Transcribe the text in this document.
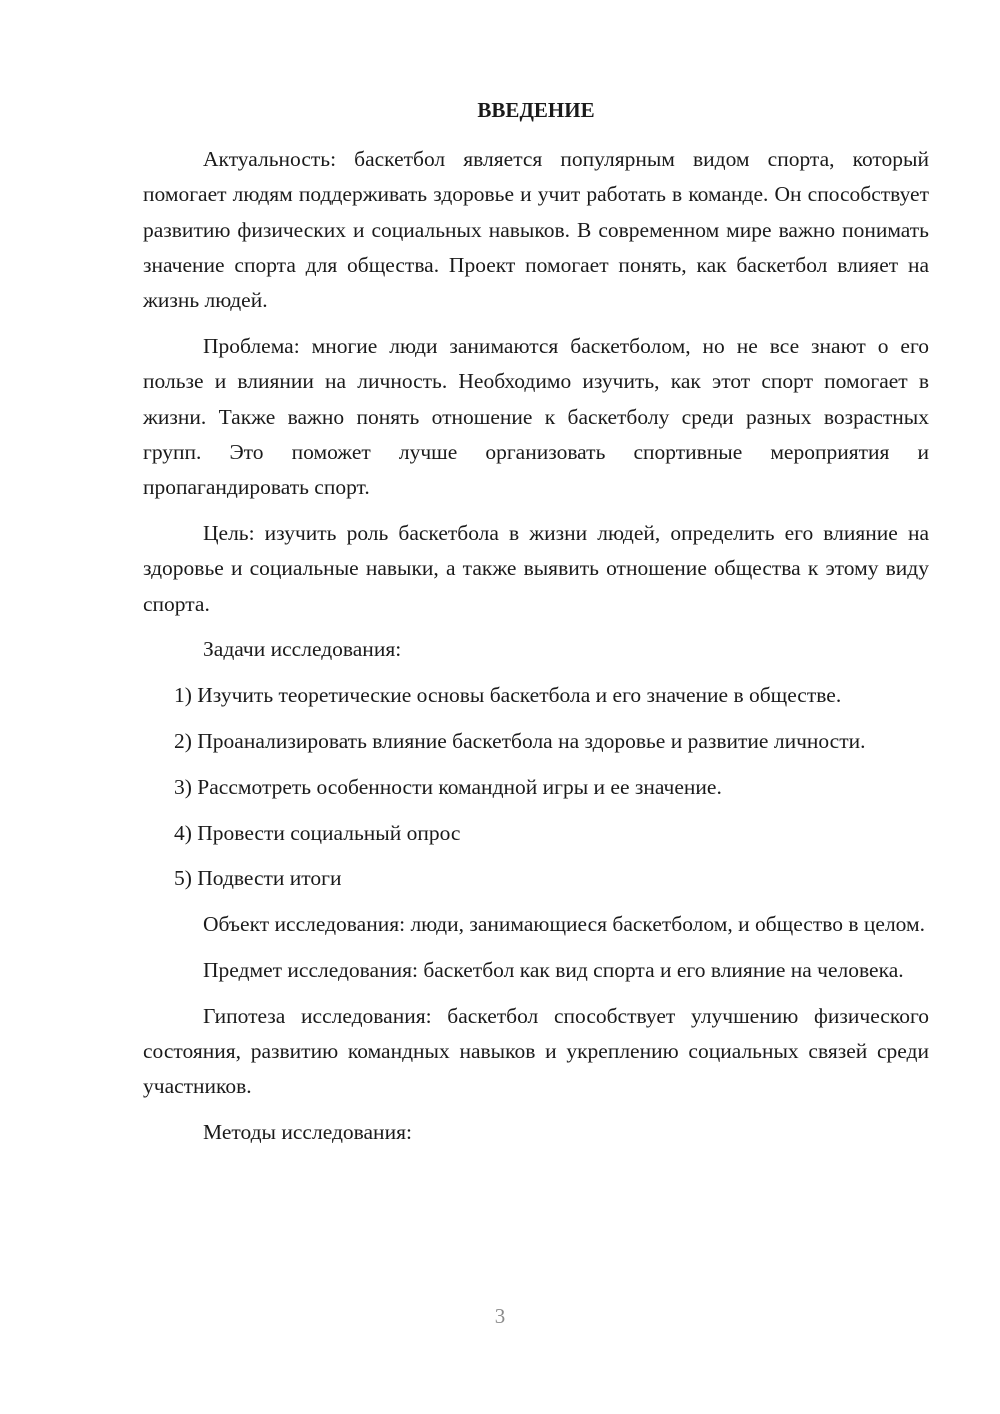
ВВЕДЕНИЕ

Актуальность: баскетбол является популярным видом спорта, который помогает людям поддерживать здоровье и учит работать в команде. Он способствует развитию физических и социальных навыков. В современном мире важно понимать значение спорта для общества. Проект помогает понять, как баскетбол влияет на жизнь людей.

Проблема: многие люди занимаются баскетболом, но не все знают о его пользе и влиянии на личность. Необходимо изучить, как этот спорт помогает в жизни. Также важно понять отношение к баскетболу среди разных возрастных групп. Это поможет лучше организовать спортивные мероприятия и пропагандировать спорт.

Цель: изучить роль баскетбола в жизни людей, определить его влияние на здоровье и социальные навыки, а также выявить отношение общества к этому виду спорта.

Задачи исследования:

1) Изучить теоретические основы баскетбола и его значение в обществе.

2) Проанализировать влияние баскетбола на здоровье и развитие личности.

3) Рассмотреть особенности командной игры и ее значение.

4) Провести социальный опрос

5) Подвести итоги

Объект исследования: люди, занимающиеся баскетболом, и общество в целом.

Предмет исследования: баскетбол как вид спорта и его влияние на человека.

Гипотеза исследования: баскетбол способствует улучшению физического состояния, развитию командных навыков и укреплению социальных связей среди участников.

Методы исследования:

3
